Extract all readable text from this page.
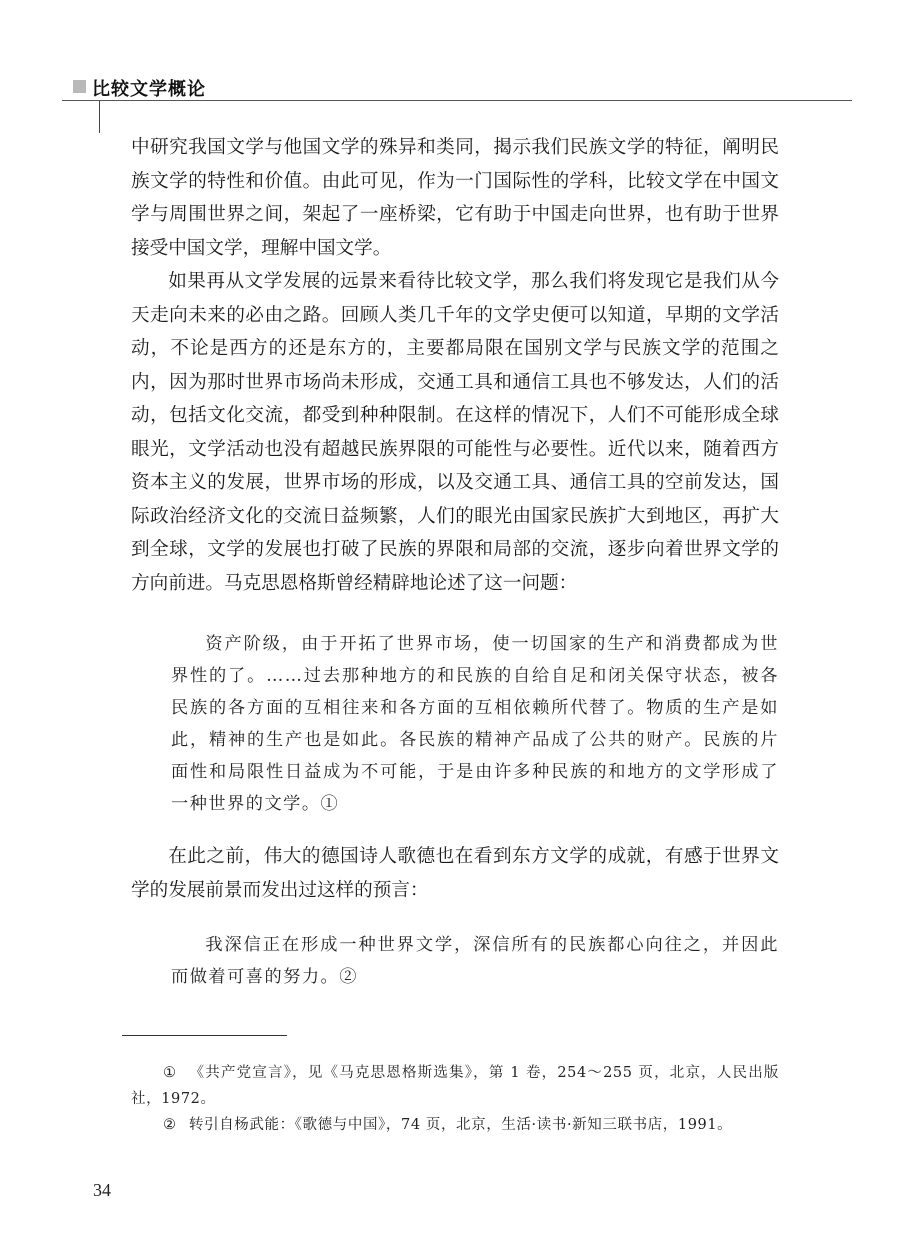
比较文学概论

中研究我国文学与他国文学的殊异和类同，揭示我们民族文学的特征，阐明民族文学的特性和价值。由此可见，作为一门国际性的学科，比较文学在中国文学与周围世界之间，架起了一座桥梁，它有助于中国走向世界，也有助于世界接受中国文学，理解中国文学。

如果再从文学发展的远景来看待比较文学，那么我们将发现它是我们从今天走向未来的必由之路。回顾人类几千年的文学史便可以知道，早期的文学活动，不论是西方的还是东方的，主要都局限在国别文学与民族文学的范围之内，因为那时世界市场尚未形成，交通工具和通信工具也不够发达，人们的活动，包括文化交流，都受到种种限制。在这样的情况下，人们不可能形成全球眼光，文学活动也没有超越民族界限的可能性与必要性。近代以来，随着西方资本主义的发展，世界市场的形成，以及交通工具、通信工具的空前发达，国际政治经济文化的交流日益频繁，人们的眼光由国家民族扩大到地区，再扩大到全球，文学的发展也打破了民族的界限和局部的交流，逐步向着世界文学的方向前进。马克思恩格斯曾经精辟地论述了这一问题：

资产阶级，由于开拓了世界市场，使一切国家的生产和消费都成为世界性的了。……过去那种地方的和民族的自给自足和闭关保守状态，被各民族的各方面的互相往来和各方面的互相依赖所代替了。物质的生产是如此，精神的生产也是如此。各民族的精神产品成了公共的财产。民族的片面性和局限性日益成为不可能，于是由许多种民族的和地方的文学形成了一种世界的文学。①

在此之前，伟大的德国诗人歌德也在看到东方文学的成就，有感于世界文学的发展前景而发出过这样的预言：

我深信正在形成一种世界文学，深信所有的民族都心向往之，并因此而做着可喜的努力。②

① 《共产党宣言》，见《马克思恩格斯选集》，第 1 卷，254～255 页，北京，人民出版社，1972。

② 转引自杨武能：《歌德与中国》，74 页，北京，生活·读书·新知三联书店，1991。

34
